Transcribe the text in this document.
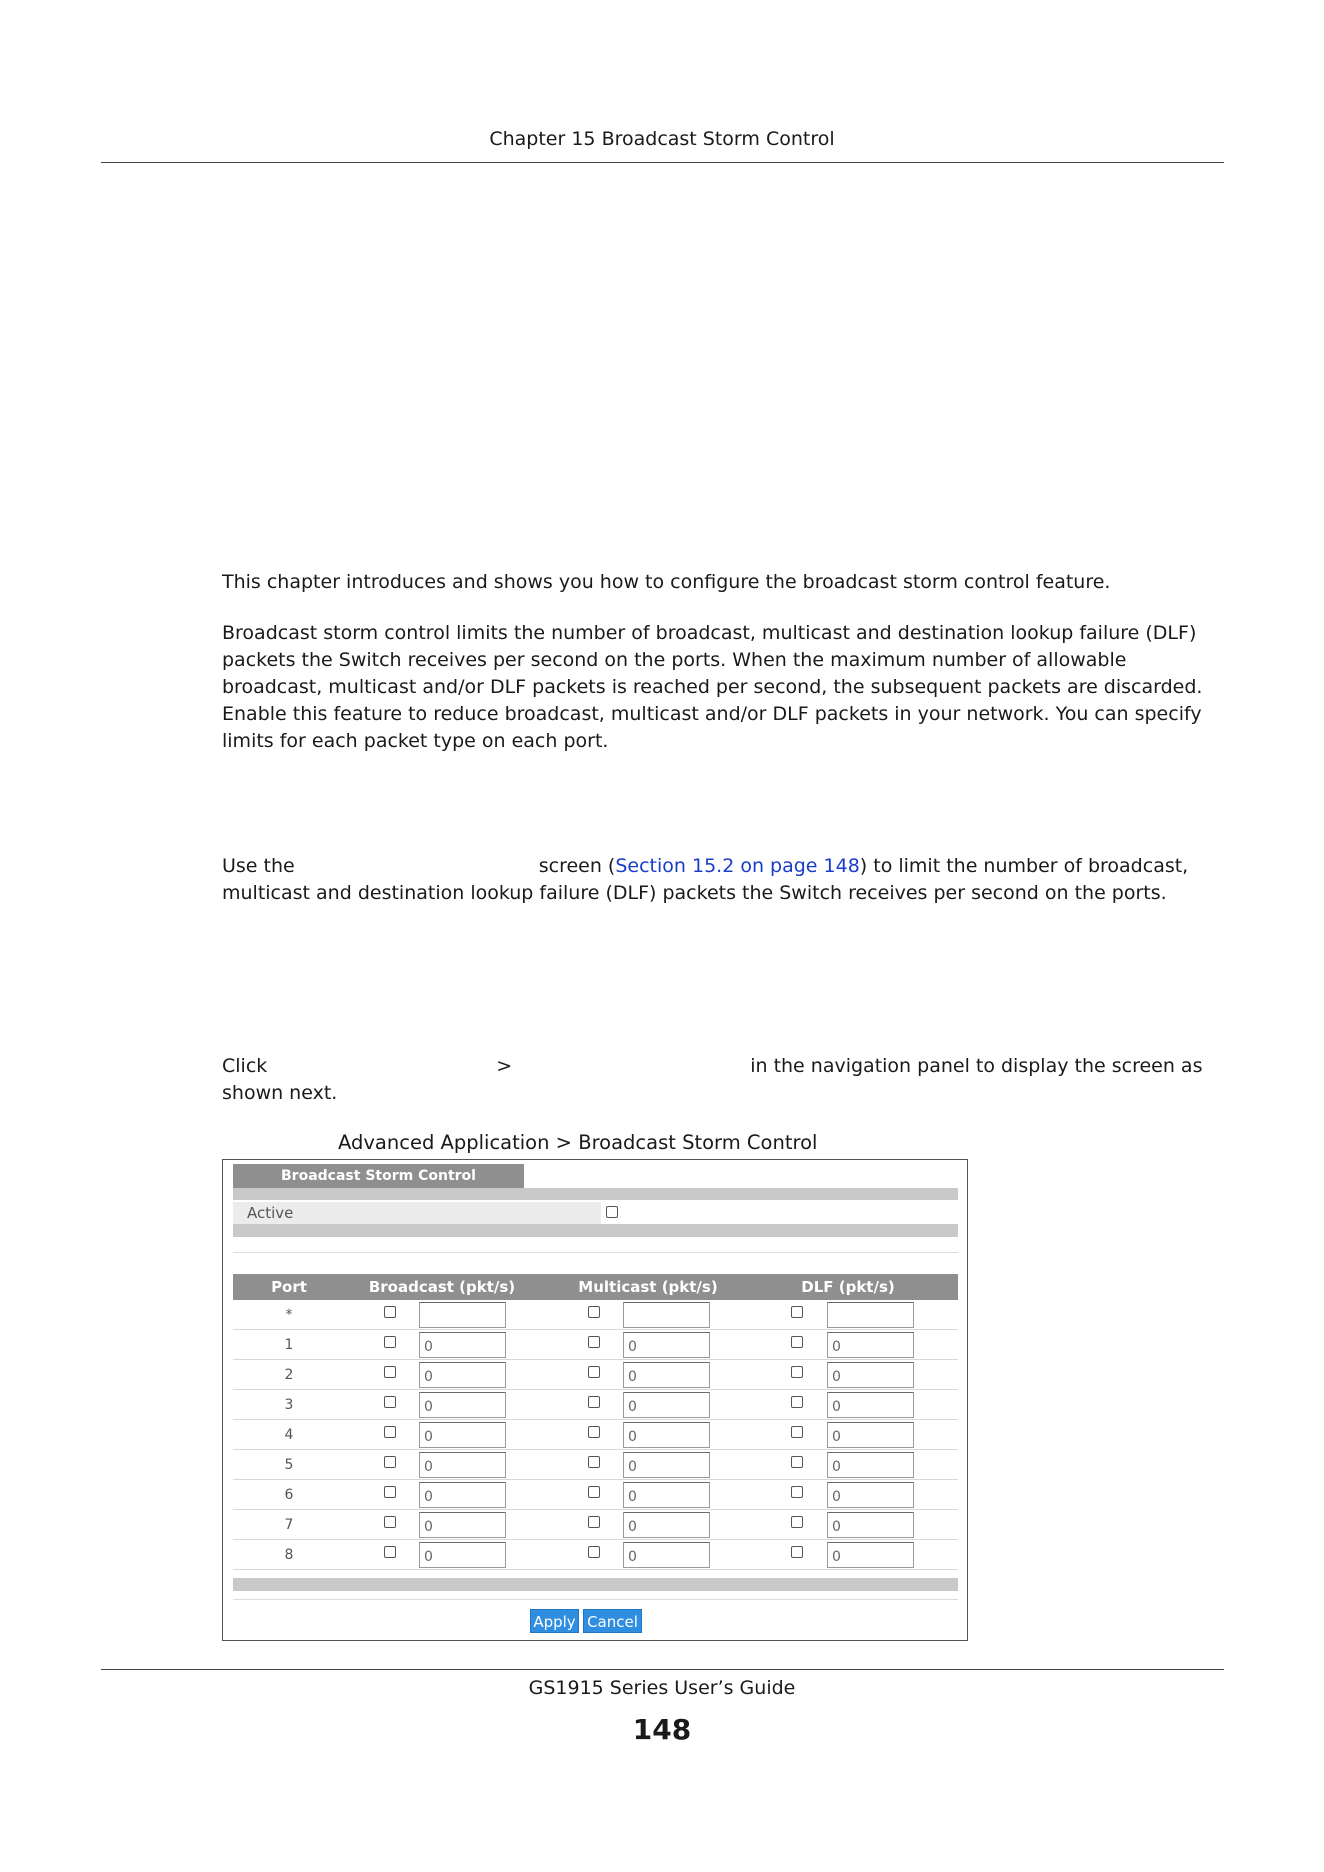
Chapter 15 Broadcast Storm Control

This chapter introduces and shows you how to configure the broadcast storm control feature.

Broadcast storm control limits the number of broadcast, multicast and destination lookup failure (DLF) packets the Switch receives per second on the ports. When the maximum number of allowable broadcast, multicast and/or DLF packets is reached per second, the subsequent packets are discarded. Enable this feature to reduce broadcast, multicast and/or DLF packets in your network. You can specify limits for each packet type on each port.

Use the	screen (Section 15.2 on page 148) to limit the number of broadcast, multicast and destination lookup failure (DLF) packets the Switch receives per second on the ports.

Click	>	in the navigation panel to display the screen as shown next.

Advanced Application > Broadcast Storm Control
Broadcast Storm Control
Active
Port	Broadcast (pkt/s)	Multicast (pkt/s)	DLF (pkt/s)
*
1	0	0	0
2	0	0	0
3	0	0	0
4	0	0	0
5	0	0	0
6	0	0	0
7	0	0	0
8	0	0	0
Apply Cancel
GS1915 Series User’s Guide
148
